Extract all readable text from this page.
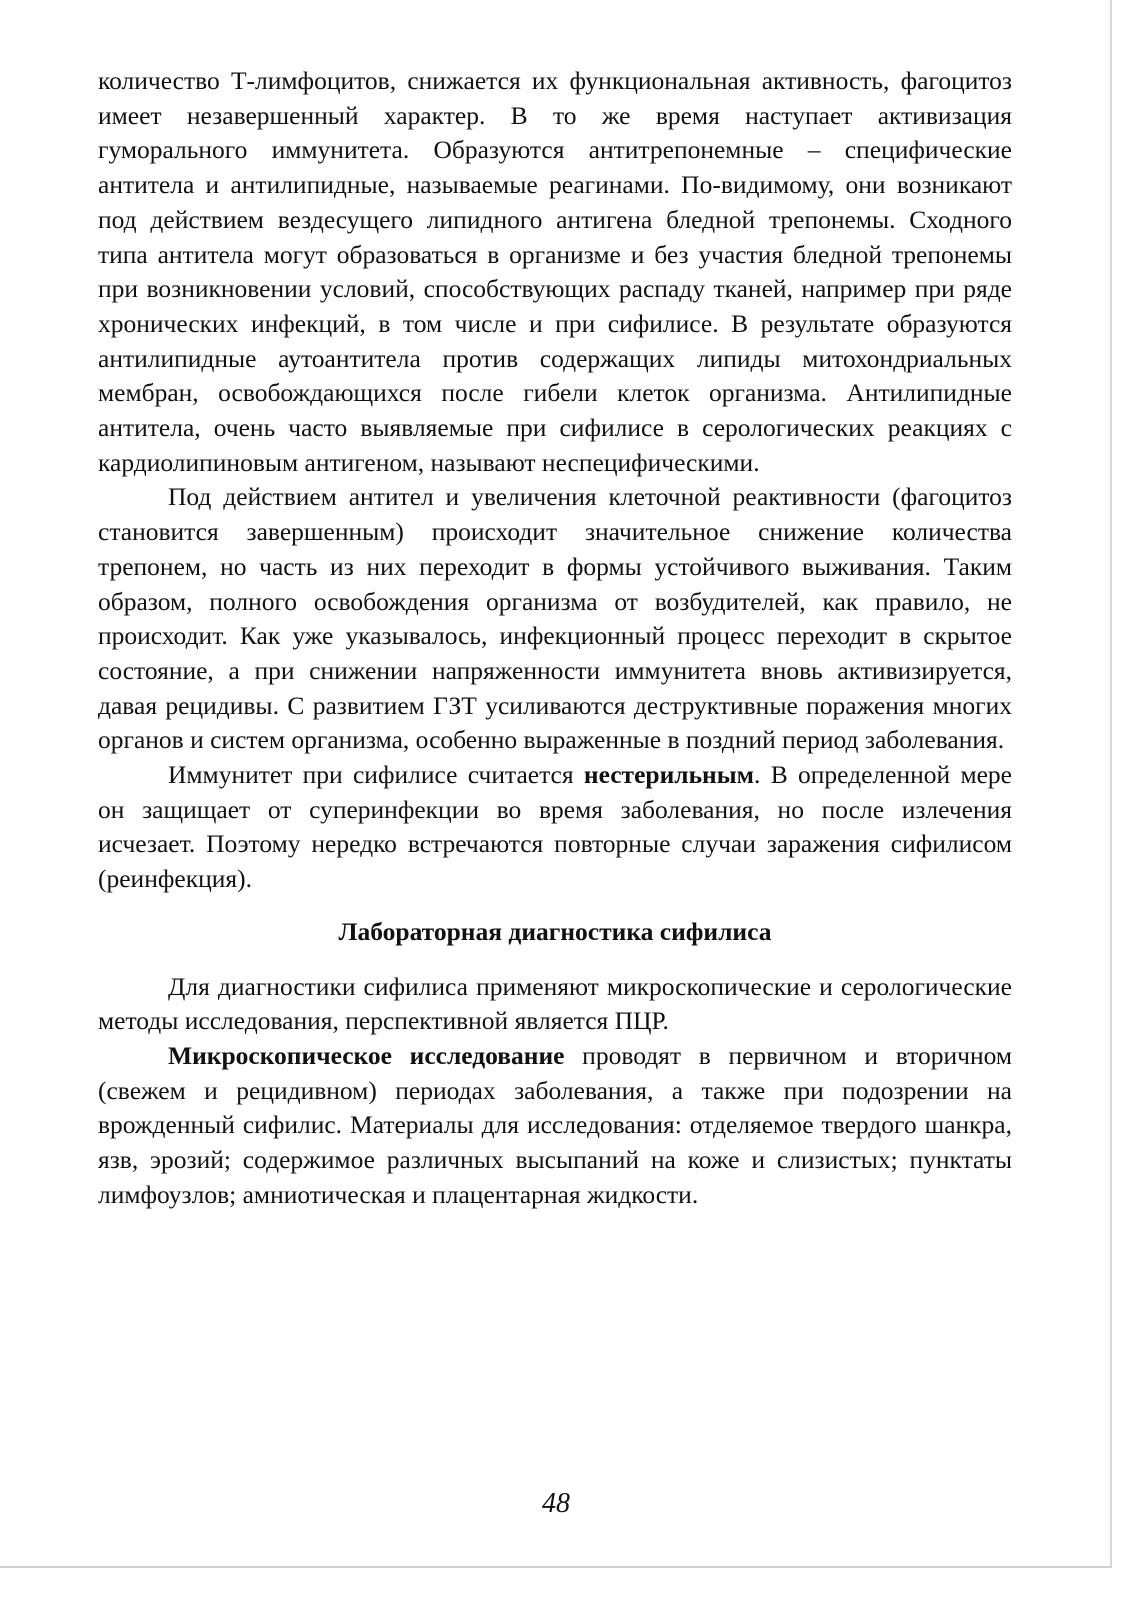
количество Т-лимфоцитов, снижается их функциональная активность, фагоцитоз имеет незавершенный характер. В то же время наступает активизация гуморального иммунитета. Образуются антитрепонемные – специфические антитела и антилипидные, называемые реагинами. По-видимому, они возникают под действием вездесущего липидного антигена бледной трепонемы. Сходного типа антитела могут образоваться в организме и без участия бледной трепонемы при возникновении условий, способствующих распаду тканей, например при ряде хронических инфекций, в том числе и при сифилисе. В результате образуются антилипидные аутоантитела против содержащих липиды митохондриальных мембран, освобождающихся после гибели клеток организма. Антилипидные антитела, очень часто выявляемые при сифилисе в серологических реакциях с кардиолипиновым антигеном, называют неспецифическими.

Под действием антител и увеличения клеточной реактивности (фагоцитоз становится завершенным) происходит значительное снижение количества трепонем, но часть из них переходит в формы устойчивого выживания. Таким образом, полного освобождения организма от возбудителей, как правило, не происходит. Как уже указывалось, инфекционный процесс переходит в скрытое состояние, а при снижении напряженности иммунитета вновь активизируется, давая рецидивы. С развитием ГЗТ усиливаются деструктивные поражения многих органов и систем организма, особенно выраженные в поздний период заболевания.

Иммунитет при сифилисе считается нестерильным. В определенной мере он защищает от суперинфекции во время заболевания, но после излечения исчезает. Поэтому нередко встречаются повторные случаи заражения сифилисом (реинфекция).

Лабораторная диагностика сифилиса

Для диагностики сифилиса применяют микроскопические и серологические методы исследования, перспективной является ПЦР.

Микроскопическое исследование проводят в первичном и вторичном (свежем и рецидивном) периодах заболевания, а также при подозрении на врожденный сифилис. Материалы для исследования: отделяемое твердого шанкра, язв, эрозий; содержимое различных высыпаний на коже и слизистых; пунктаты лимфоузлов; амниотическая и плацентарная жидкости.

48
